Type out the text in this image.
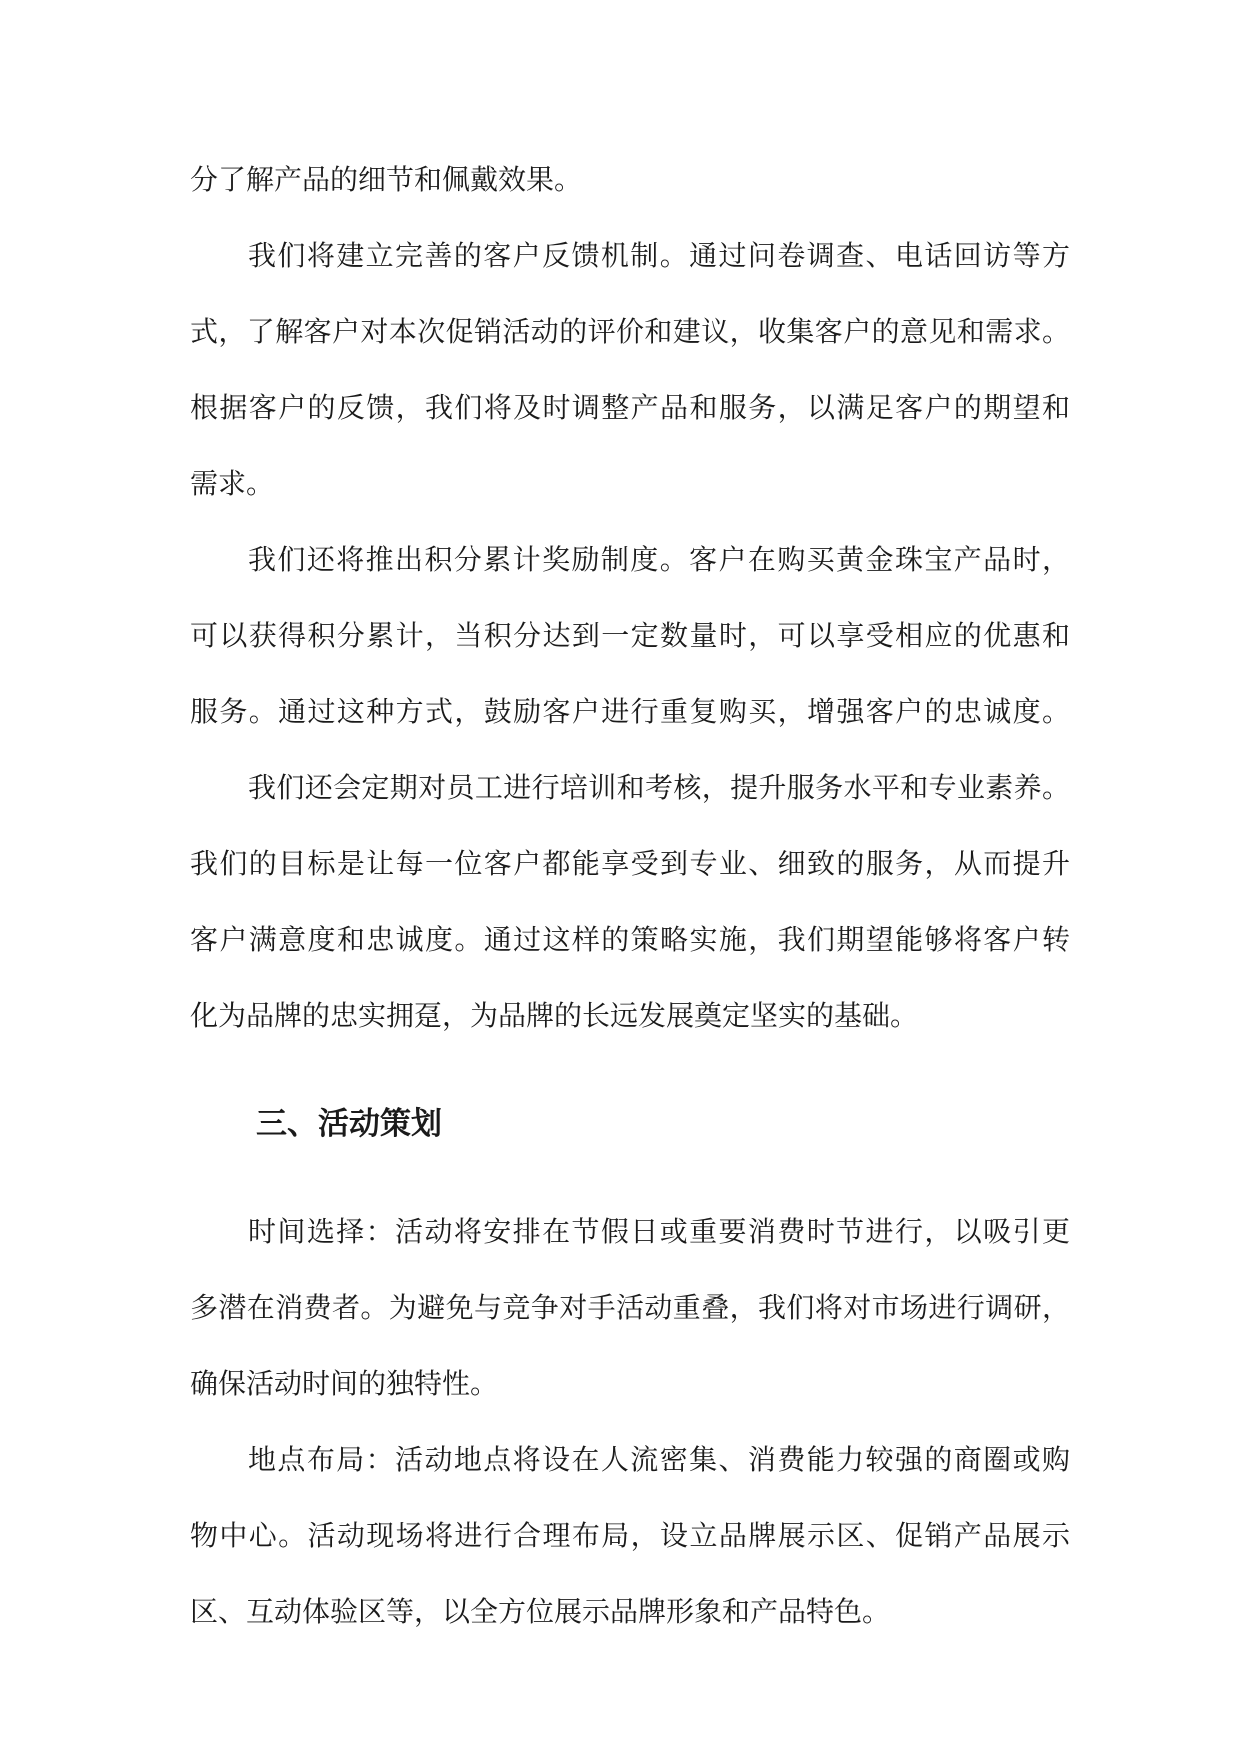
分了解产品的细节和佩戴效果。
我们将建立完善的客户反馈机制。通过问卷调查、电话回访等方
式，了解客户对本次促销活动的评价和建议，收集客户的意见和需求。
根据客户的反馈，我们将及时调整产品和服务，以满足客户的期望和
需求。
我们还将推出积分累计奖励制度。客户在购买黄金珠宝产品时，
可以获得积分累计，当积分达到一定数量时，可以享受相应的优惠和
服务。通过这种方式，鼓励客户进行重复购买，增强客户的忠诚度。
我们还会定期对员工进行培训和考核，提升服务水平和专业素养。
我们的目标是让每一位客户都能享受到专业、细致的服务，从而提升
客户满意度和忠诚度。通过这样的策略实施，我们期望能够将客户转
化为品牌的忠实拥趸，为品牌的长远发展奠定坚实的基础。
三、活动策划
时间选择：活动将安排在节假日或重要消费时节进行，以吸引更
多潜在消费者。为避免与竞争对手活动重叠，我们将对市场进行调研，
确保活动时间的独特性。
地点布局：活动地点将设在人流密集、消费能力较强的商圈或购
物中心。活动现场将进行合理布局，设立品牌展示区、促销产品展示
区、互动体验区等，以全方位展示品牌形象和产品特色。
